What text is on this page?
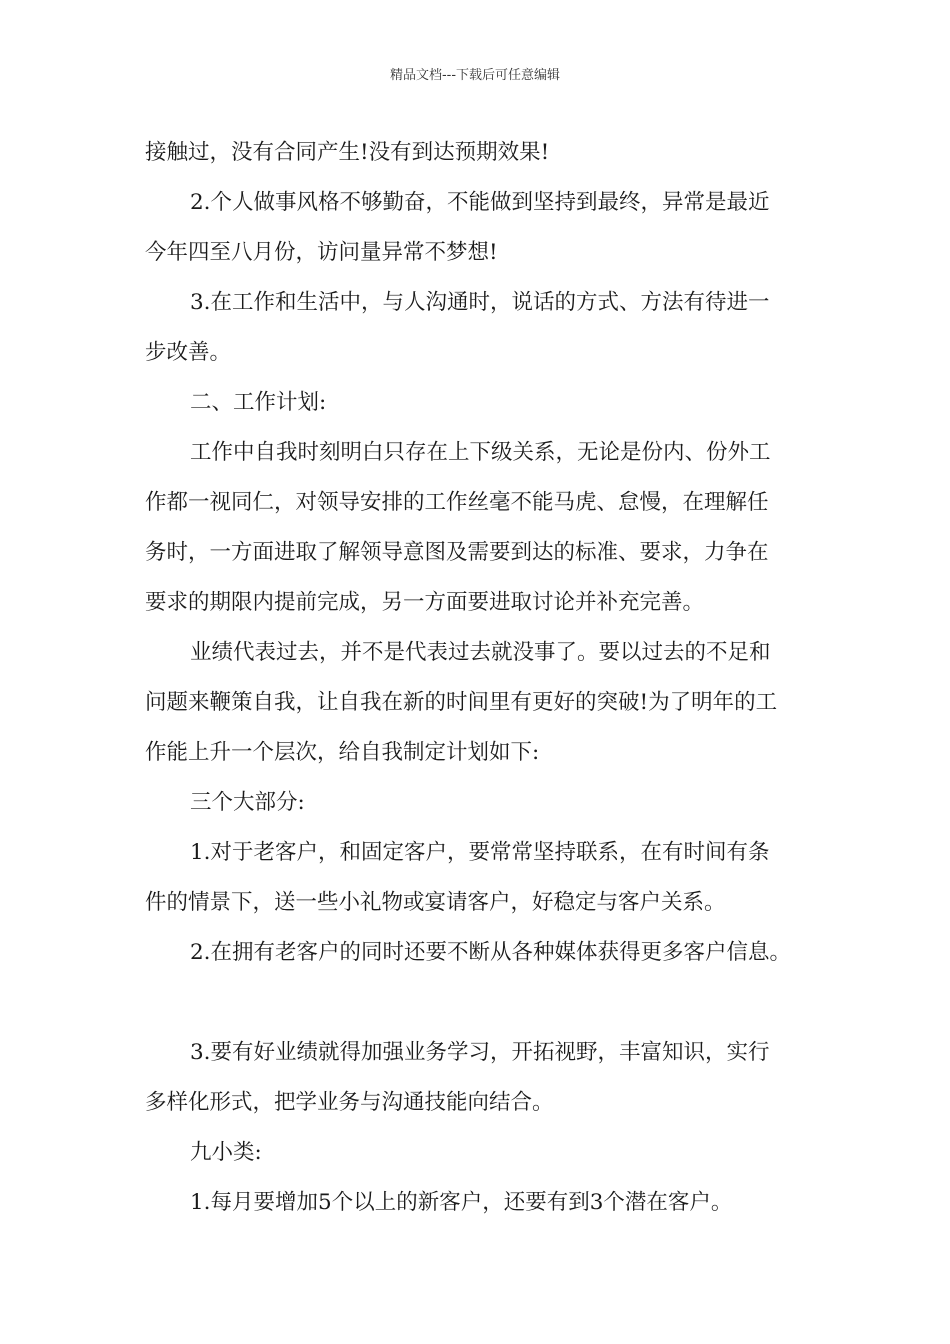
精品文档---下载后可任意编辑
接触过，没有合同产生!没有到达预期效果!
2.个人做事风格不够勤奋，不能做到坚持到最终，异常是最近
今年四至八月份，访问量异常不梦想!
3.在工作和生活中，与人沟通时，说话的方式、方法有待进一
步改善。
二、工作计划:
工作中自我时刻明白只存在上下级关系，无论是份内、份外工
作都一视同仁，对领导安排的工作丝毫不能马虎、怠慢，在理解任
务时，一方面进取了解领导意图及需要到达的标准、要求，力争在
要求的期限内提前完成，另一方面要进取讨论并补充完善。
业绩代表过去，并不是代表过去就没事了。要以过去的不足和
问题来鞭策自我，让自我在新的时间里有更好的突破!为了明年的工
作能上升一个层次，给自我制定计划如下:
三个大部分:
1.对于老客户，和固定客户，要常常坚持联系，在有时间有条
件的情景下，送一些小礼物或宴请客户，好稳定与客户关系。
2.在拥有老客户的同时还要不断从各种媒体获得更多客户信息。
3.要有好业绩就得加强业务学习，开拓视野，丰富知识，实行
多样化形式，把学业务与沟通技能向结合。
九小类:
1.每月要增加5个以上的新客户，还要有到3个潜在客户。
